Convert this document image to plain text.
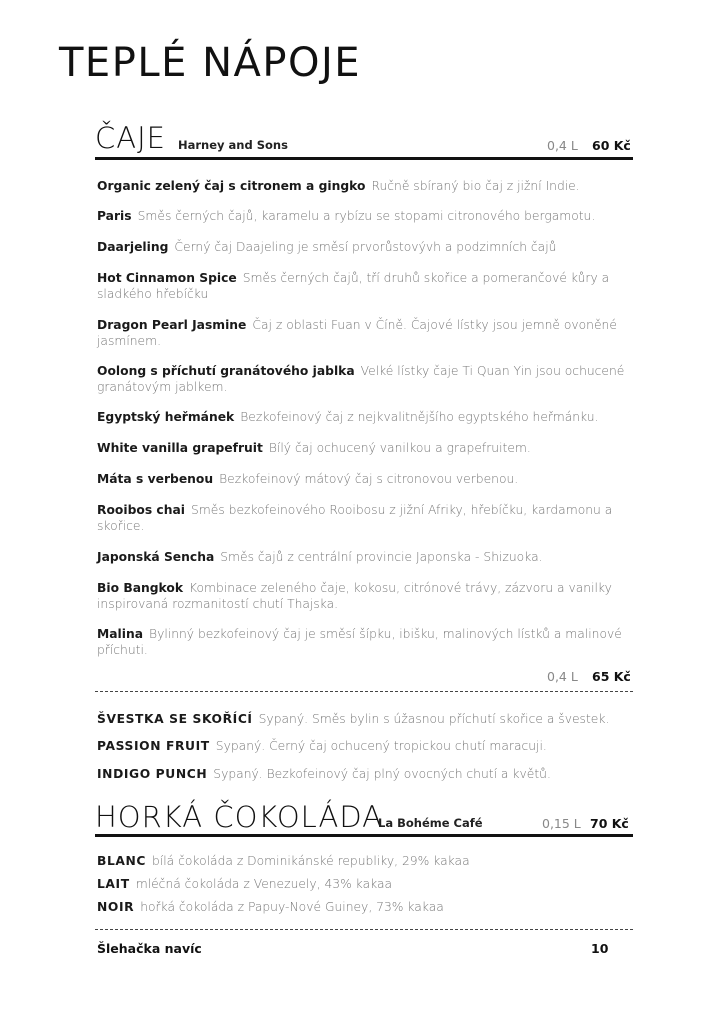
TEPLÉ NÁPOJE
ČAJE Harney and Sons	0,4 L 60 Kč
Organic zelený čaj s citronem a gingko Ručně sbíraný bio čaj z jižní Indie.
Paris Směs černých čajů, karamelu a rybízu se stopami citronového bergamotu.
Daarjeling Černý čaj Daajeling je směsí prvorůstovývh a podzimních čajů
Hot Cinnamon Spice Směs černých čajů, tří druhů skořice a pomerančové kůry a sladkého hřebíčku
Dragon Pearl Jasmine Čaj z oblasti Fuan v Číně. Čajové lístky jsou jemně ovoněné jasmínem.
Oolong s příchutí granátového jablka Velké lístky čaje Ti Quan Yin jsou ochucené granátovým jablkem.
Egyptský heřmánek Bezkofeinový čaj z nejkvalitnějšího egyptského heřmánku.
White vanilla grapefruit Bílý čaj ochucený vanilkou a grapefruitem.
Máta s verbenou Bezkofeinový mátový čaj s citronovou verbenou.
Rooibos chai Směs bezkofeinového Rooibosu z jižní Afriky, hřebíčku, kardamonu a skořice.
Japonská Sencha Směs čajů z centrální provincie Japonska - Shizuoka.
Bio Bangkok Kombinace zeleného čaje, kokosu, citrónové trávy, zázvoru a vanilky inspirovaná rozmanitostí chutí Thajska.
Malina Bylinný bezkofeinový čaj je směsí šípku, ibišku, malinových lístků a malinové příchuti.
0,4 L 65 Kč
ŠVESTKA SE SKOŘÍCÍ Sypaný. Směs bylin s úžasnou příchutí skořice a švestek.
PASSION FRUIT Sypaný. Černý čaj ochucený tropickou chutí maracuji.
INDIGO PUNCH Sypaný. Bezkofeinový čaj plný ovocných chutí a květů.
HORKÁ ČOKOLÁDA
La Bohéme Café	0,15 L 70 Kč
BLANC bílá čokoláda z Dominikánské republiky, 29% kakaa
LAIT mléčná čokoláda z Venezuely, 43% kakaa
NOIR hořká čokoláda z Papuy-Nové Guiney, 73% kakaa
Šlehačka navíc	10
